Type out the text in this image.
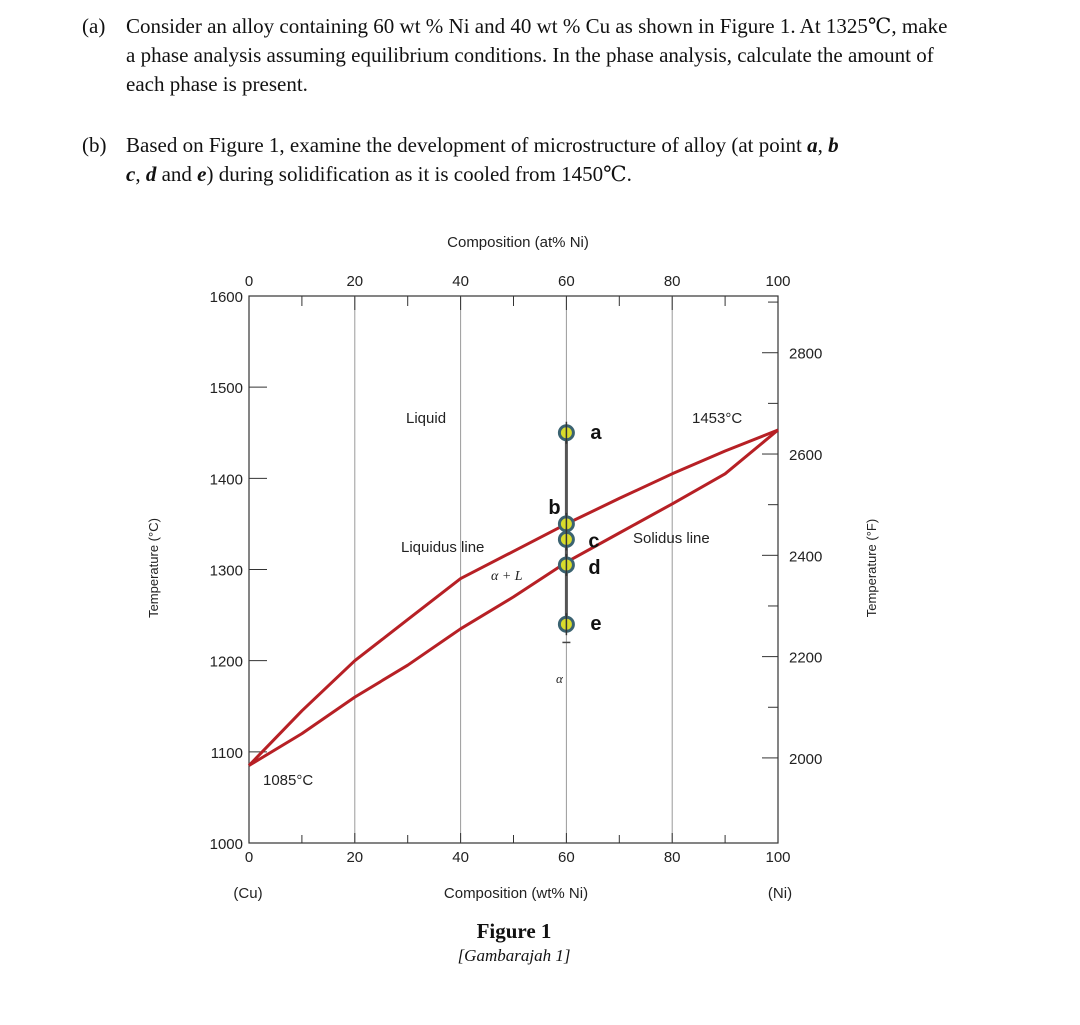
(a) Consider an alloy containing 60 wt % Ni and 40 wt % Cu as shown in Figure 1. At 1325℃, make a phase analysis assuming equilibrium conditions. In the phase analysis, calculate the amount of each phase is present.
(b) Based on Figure 1, examine the development of microstructure of alloy (at point a, b
c, d and e) during solidification as it is cooled from 1450℃.
0
0
20
20
40
40
60
60
80
80
100
100
1000
1100
1200
1300
1400
1500
1600
2000
2200
2400
2600
2800
a
b
c
d
e
Liquid	1453°C
Liquidus line
Solidus line
α + L
α
1085°C
Composition (at% Ni)
Composition (wt% Ni)
(Cu)	(Ni)
Temperature (°C)	Temperature (°F)
Figure 1
[Gambarajah 1]
